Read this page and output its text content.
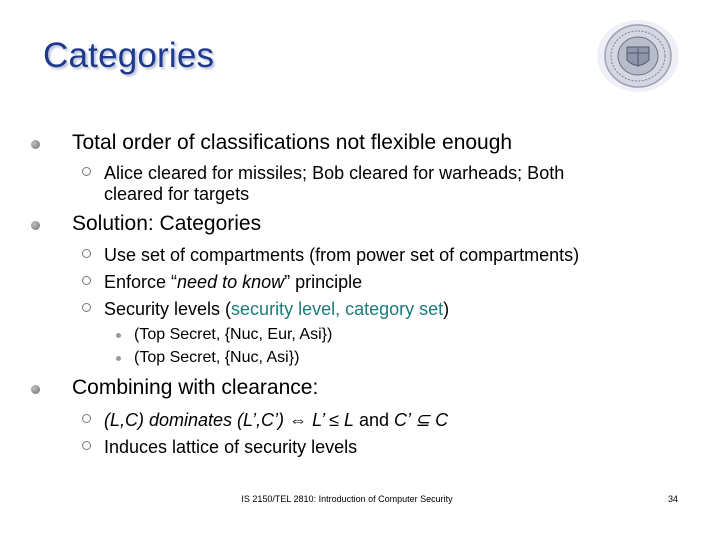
Categories
Total order of classifications not flexible enough
Alice cleared for missiles; Bob cleared for warheads; Both
cleared for targets
Solution: Categories
Use set of compartments (from power set of compartments)
Enforce “need to know” principle
Security levels (security level, category set)
(Top Secret, {Nuc, Eur, Asi})
(Top Secret, {Nuc, Asi})
Combining with clearance:
(L,C) dominates (L’,C’) ⇔ L’ ≤ L and C’ ⊆ C
Induces lattice of security levels
IS 2150/TEL 2810: Introduction of Computer Security	34
